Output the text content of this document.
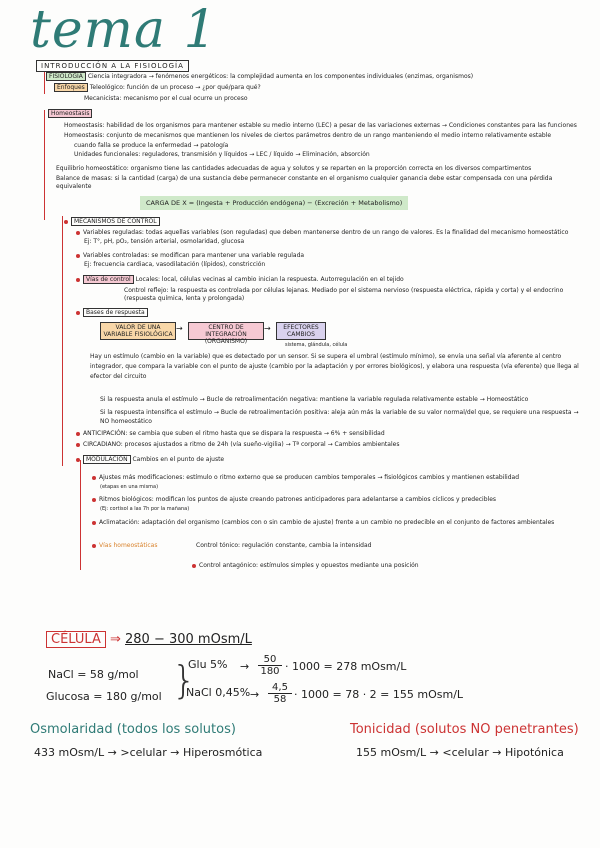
tema 1
INTRODUCCIÓN A LA FISIOLOGÍA
FISIOLOGÍA Ciencia integradora → fenómenos energéticos: la complejidad aumenta en los componentes individuales (enzimas, organismos)
Enfoques Teleológico: función de un proceso → ¿por qué/para qué?
Mecanicista: mecanismo por el cual ocurre un proceso
Homeostasis
Homeostasis: habilidad de los organismos para mantener estable su medio interno (LEC) a pesar de las variaciones externas → Condiciones constantes para las funciones
Homeostasis: conjunto de mecanismos que mantienen los niveles de ciertos parámetros dentro de un rango manteniendo el medio interno relativamente estable
cuando falla se produce la enfermedad → patología
Unidades funcionales: reguladores, transmisión y líquidos → LEC / líquido → Eliminación, absorción
Equilibrio homeostático: organismo tiene las cantidades adecuadas de agua y solutos y se reparten en la proporción correcta en los diversos compartimentos
Balance de masas: si la cantidad (carga) de una sustancia debe permanecer constante en el organismo cualquier ganancia debe estar compensada con una pérdida equivalente
CARGA DE X = (Ingesta + Producción endógena) − (Excreción + Metabolismo)
MECANISMOS DE CONTROL
Variables reguladas: todas aquellas variables (son reguladas) que deben mantenerse dentro de un rango de valores. Es la finalidad del mecanismo homeostático
Ej: T°, pH, pO₂, tensión arterial, osmolaridad, glucosa
Variables controladas: se modifican para mantener una variable regulada
Ej: frecuencia cardiaca, vasodilatación (lípidos), constricción
Vías de control Locales: local, células vecinas al cambio inician la respuesta. Autorregulación en el tejido
Control reflejo: la respuesta es controlada por células lejanas. Mediado por el sistema nervioso (respuesta eléctrica, rápida y corta) y el endocrino (respuesta química, lenta y prolongada)
Bases de respuesta
VALOR DE UNA VARIABLE FISIOLÓGICA
→	CENTRO DE INTEGRACIÓN (ORGANISMO)
→	EFECTORES CAMBIOS
sistema, glándula, célula
Hay un estímulo (cambio en la variable) que es detectado por un sensor. Si se supera el umbral (estímulo mínimo), se envía una señal vía aferente al centro integrador, que compara la variable con el punto de ajuste (cambio por la adaptación y por errores biológicos), y elabora una respuesta (vía eferente) que llega al efector del circuito
Si la respuesta anula el estímulo → Bucle de retroalimentación negativa: mantiene la variable regulada relativamente estable → Homeostático
Si la respuesta intensifica el estímulo → Bucle de retroalimentación positiva: aleja aún más la variable de su valor normal/del que, se requiere una respuesta → NO homeostático
ANTICIPACIÓN: se cambia que suben el ritmo hasta que se dispara la respuesta → 6% + sensibilidad
CIRCADIANO: procesos ajustados a ritmo de 24h (vía sueño-vigilia) → Tª corporal → Cambios ambientales
MODULACIÓN Cambios en el punto de ajuste
Ajustes más modificaciones: estímulo o ritmo externo que se producen cambios temporales → fisiológicos cambios y mantienen estabilidad
(etapas en una misma)
Ritmos biológicos: modifican los puntos de ajuste creando patrones anticipadores para adelantarse a cambios cíclicos y predecibles
(Ej: cortisol a las 7h por la mañana)
Aclimatación: adaptación del organismo (cambios con o sin cambio de ajuste) frente a un cambio no predecible en el conjunto de factores ambientales
Vías homeostáticas	Control tónico: regulación constante, cambia la intensidad
Control antagónico: estímulos simples y opuestos mediante una posición
CÉLULA ⇒ 280 − 300 mOsm/L
NaCl = 58 g/mol
Glucosa = 180 g/mol }
Glu $5\% \to \frac{50}{180} \cdot 1000 = 278$ mOsm/L
NaCl $0,45\% \to \frac{4,5}{58} \cdot 1000 = 78 \cdot 2 = 155$ mOsm/L
Osmolaridad (todos los solutos)
433 mOsm/L → >celular → Hiperosmótica
Tonicidad (solutos NO penetrantes)
155 mOsm/L → <celular → Hipotónica
